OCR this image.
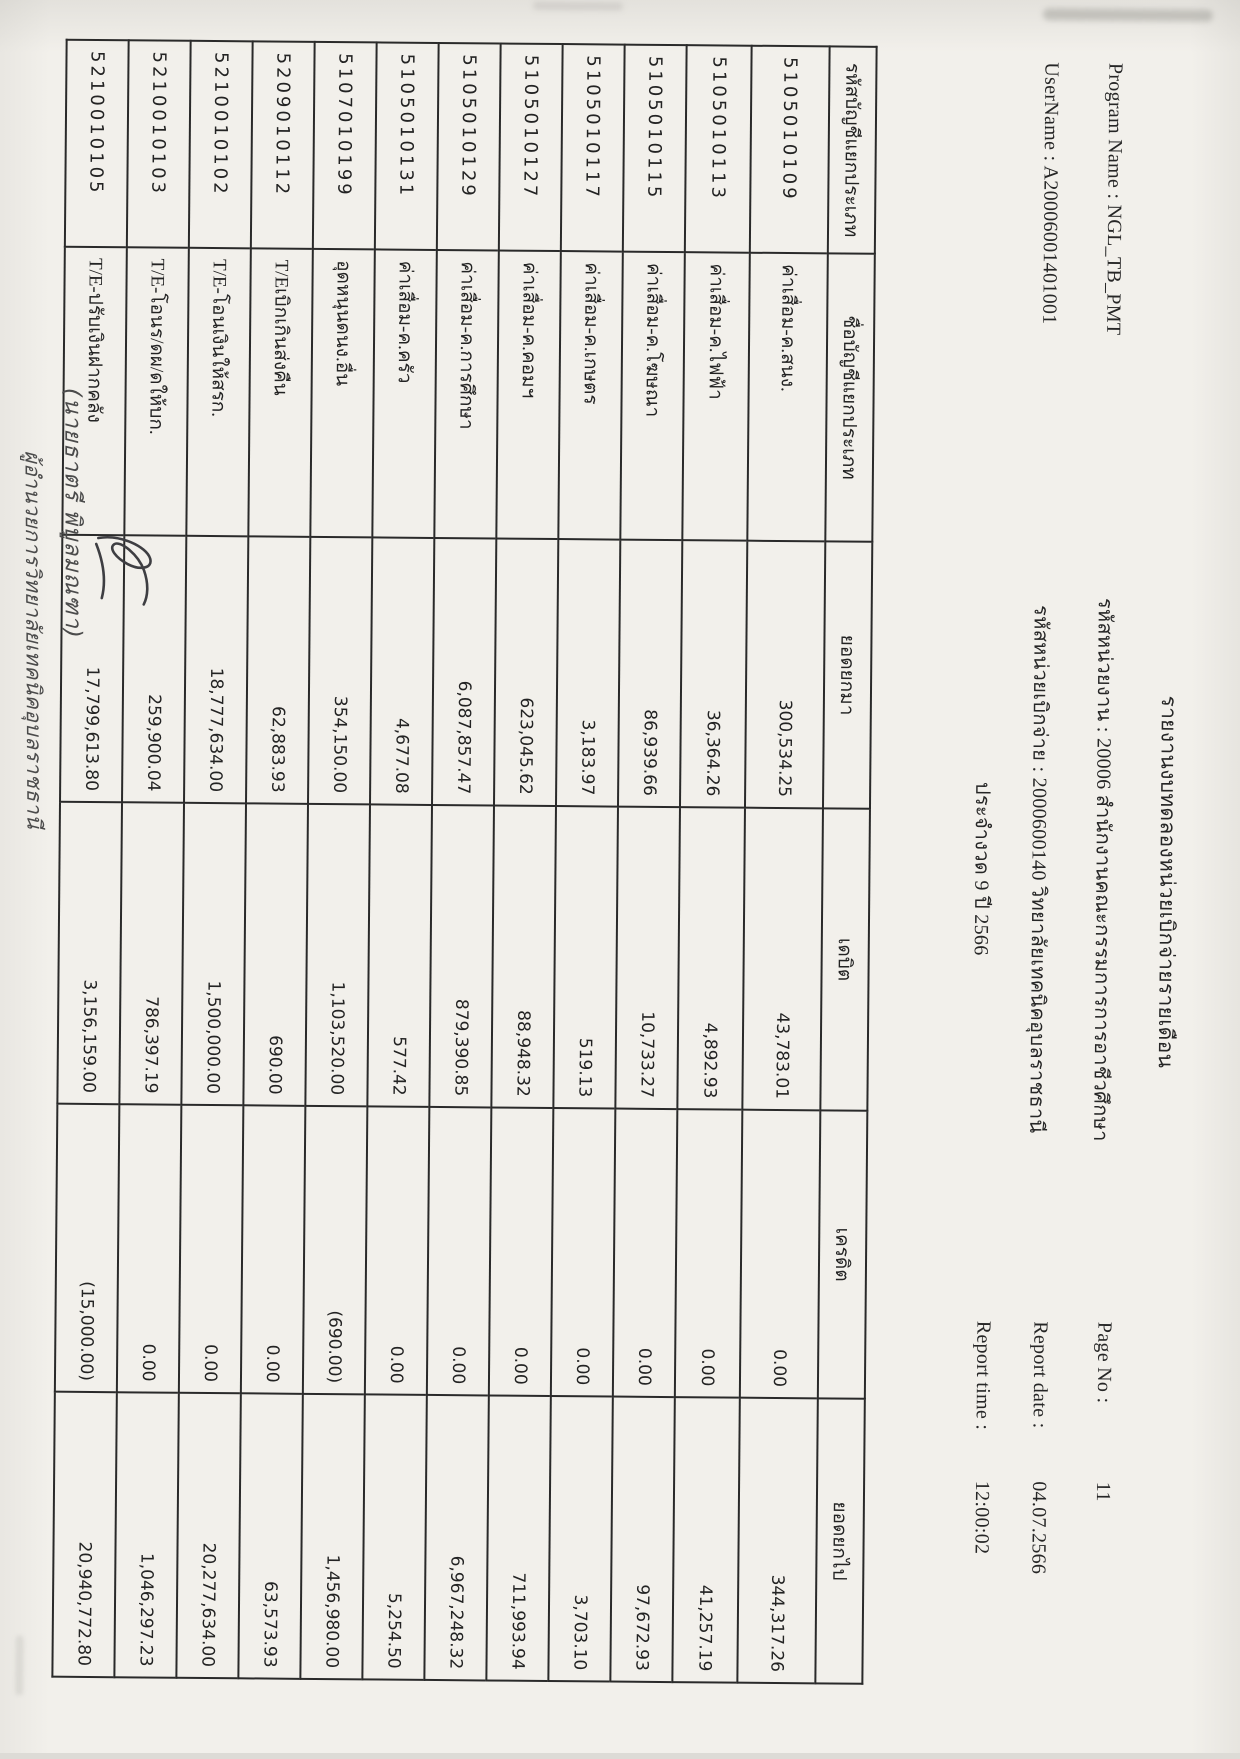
รายงานงบทดลองหน่วยเบิกจ่ายรายเดือน
Program Name : NGL_TB_PMT
รหัสหน่วยงาน : 20006 สำนักงานคณะกรรมการการอาชีวศึกษา
Page No :
11
UserName : A20006001401001
รหัสหน่วยเบิกจ่าย : 2000600140 วิทยาลัยเทคนิคอุบลราชธานี
Report date :
04.07.2566
ประจำงวด 9 ปี 2566
Report time :
12:00:02
รหัสบัญชีแยกประเภท	ชื่อบัญชีแยกประเภท	ยอดยกมา	เดบิต	เครดิต	ยอดยกไป
5105010109	ค่าเสื่อม-ค.สนง.	300,534.25	43,783.01	0.00	344,317.26
5105010113	ค่าเสื่อม-ค.ไฟฟ้า	36,364.26	4,892.93	0.00	41,257.19
5105010115	ค่าเสื่อม-ค.โฆษณา	86,939.66	10,733.27	0.00	97,672.93
5105010117	ค่าเสื่อม-ค.เกษตร	3,183.97	519.13	0.00	3,703.10
5105010127	ค่าเสื่อม-ค.คอมฯ	623,045.62	88,948.32	0.00	711,993.94
5105010129	ค่าเสื่อม-ค.การศึกษา	6,087,857.47	879,390.85	0.00	6,967,248.32
5105010131	ค่าเสื่อม-ค.ครัว	4,677.08	577.42	0.00	5,254.50
5107010199	อุดหนุนดนง.อื่น	354,150.00	1,103,520.00	(690.00)	1,456,980.00
5209010112	T/Eเบิกเกินส่งคืน	62,883.93	690.00	0.00	63,573.93
5210010102	T/E-โอนเงินให้สรก.	18,777,634.00	1,500,000.00	0.00	20,277,634.00
5210010103	T/E-โอนร/ดผ/ดให้บก.	259,900.04	786,397.19	0.00	1,046,297.23
5210010105	T/E-ปรับเงินฝากคลัง	17,799,613.80	3,156,159.00	(15,000.00)	20,940,772.80
(นายธาตรี พิบูลมณฑา)
ผู้อำนวยการวิทยาลัยเทคนิคอุบลราชธานี
